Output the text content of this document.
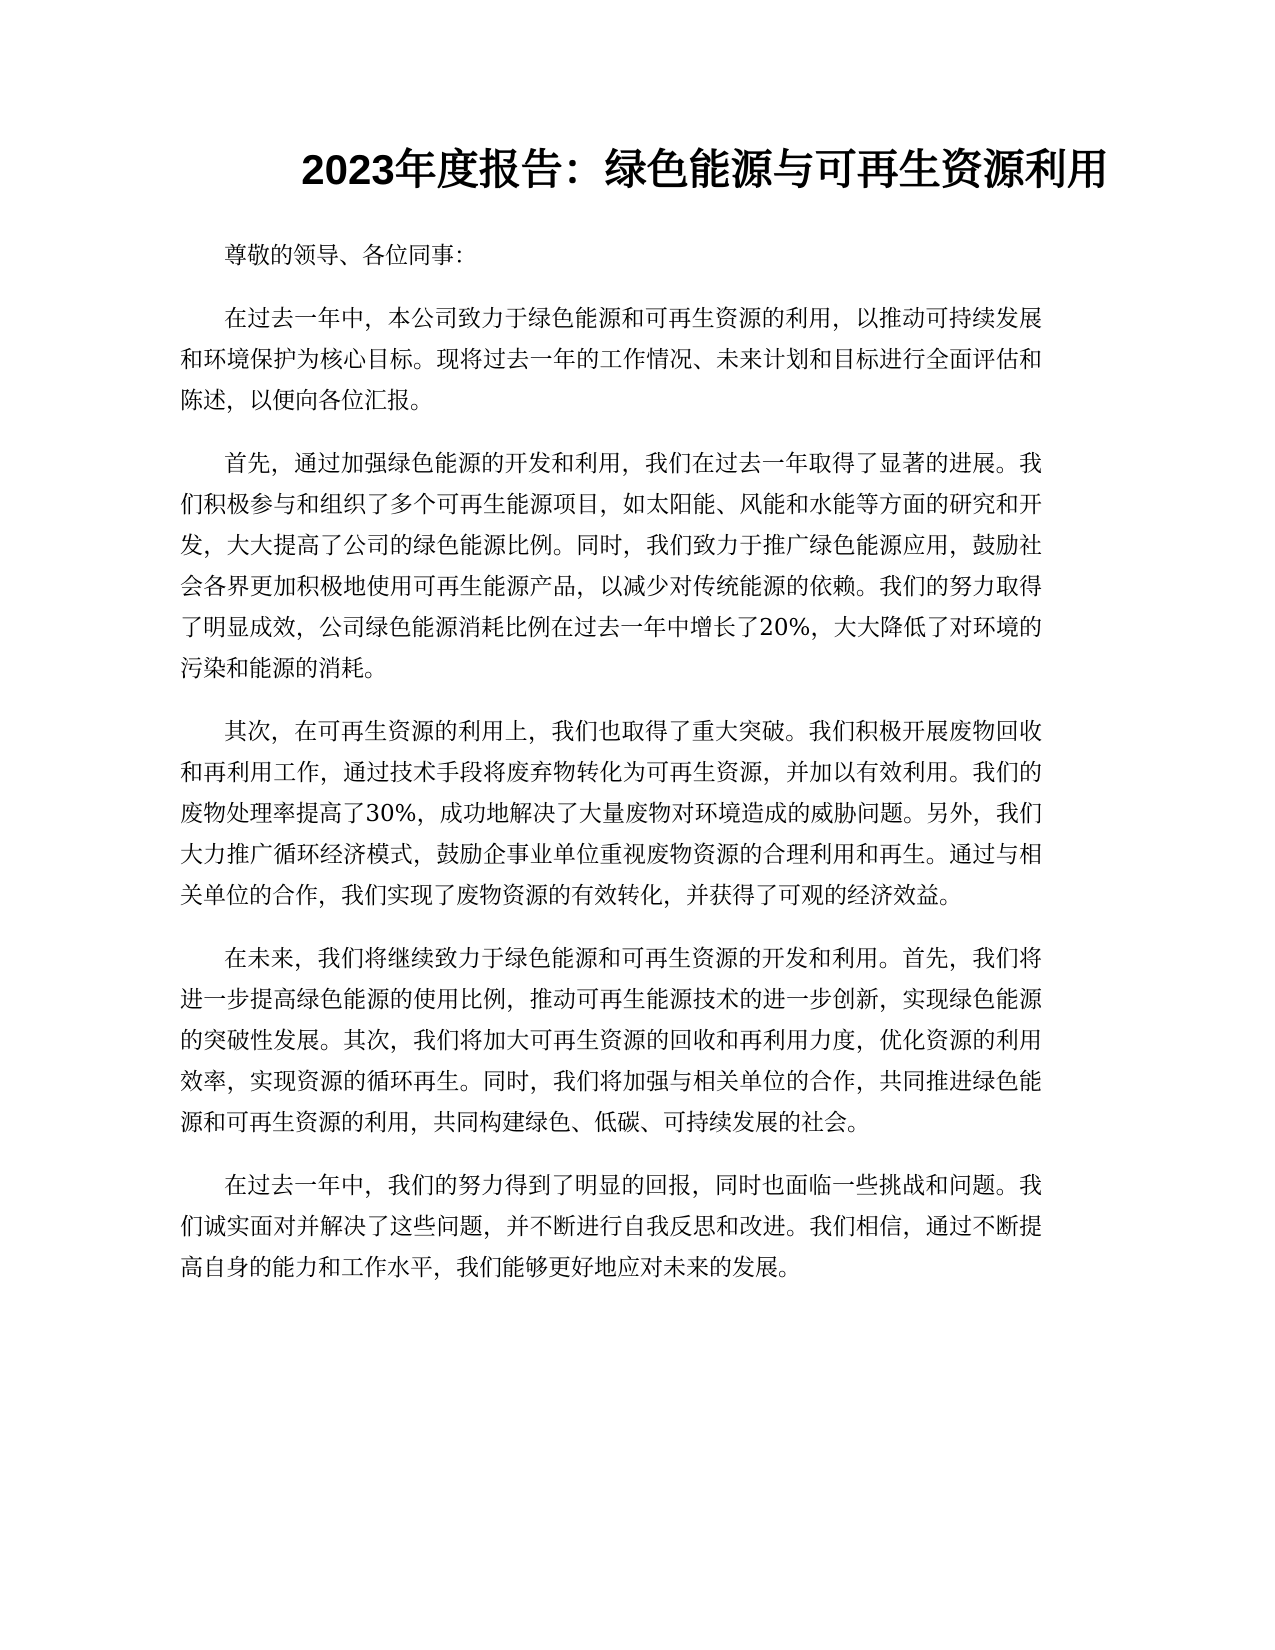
2023年度报告：绿色能源与可再生资源利用

尊敬的领导、各位同事：

在过去一年中，本公司致力于绿色能源和可再生资源的利用，以推动可持续发展和环境保护为核心目标。现将过去一年的工作情况、未来计划和目标进行全面评估和陈述，以便向各位汇报。

首先，通过加强绿色能源的开发和利用，我们在过去一年取得了显著的进展。我们积极参与和组织了多个可再生能源项目，如太阳能、风能和水能等方面的研究和开发，大大提高了公司的绿色能源比例。同时，我们致力于推广绿色能源应用，鼓励社会各界更加积极地使用可再生能源产品，以减少对传统能源的依赖。我们的努力取得了明显成效，公司绿色能源消耗比例在过去一年中增长了20%，大大降低了对环境的污染和能源的消耗。

其次，在可再生资源的利用上，我们也取得了重大突破。我们积极开展废物回收和再利用工作，通过技术手段将废弃物转化为可再生资源，并加以有效利用。我们的废物处理率提高了30%，成功地解决了大量废物对环境造成的威胁问题。另外，我们大力推广循环经济模式，鼓励企事业单位重视废物资源的合理利用和再生。通过与相关单位的合作，我们实现了废物资源的有效转化，并获得了可观的经济效益。

在未来，我们将继续致力于绿色能源和可再生资源的开发和利用。首先，我们将进一步提高绿色能源的使用比例，推动可再生能源技术的进一步创新，实现绿色能源的突破性发展。其次，我们将加大可再生资源的回收和再利用力度，优化资源的利用效率，实现资源的循环再生。同时，我们将加强与相关单位的合作，共同推进绿色能源和可再生资源的利用，共同构建绿色、低碳、可持续发展的社会。

在过去一年中，我们的努力得到了明显的回报，同时也面临一些挑战和问题。我们诚实面对并解决了这些问题，并不断进行自我反思和改进。我们相信，通过不断提高自身的能力和工作水平，我们能够更好地应对未来的发展。
